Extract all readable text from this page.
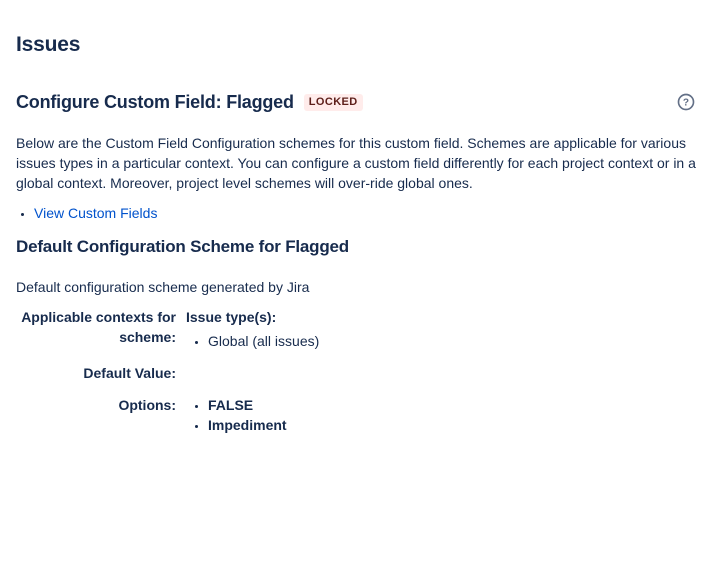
Issues
Configure Custom Field: Flagged	LOCKED	?

Below are the Custom Field Configuration schemes for this custom field. Schemes are applicable for various issues types in a particular context. You can configure a custom field differently for each project context or in a global context. Moreover, project level schemes will over-ride global ones.

• View Custom Fields
Default Configuration Scheme for Flagged

Default configuration scheme generated by Jira

Applicable contexts for scheme:
Issue type(s):
• Global (all issues)
Default Value:
Options: • FALSE
• Impediment
